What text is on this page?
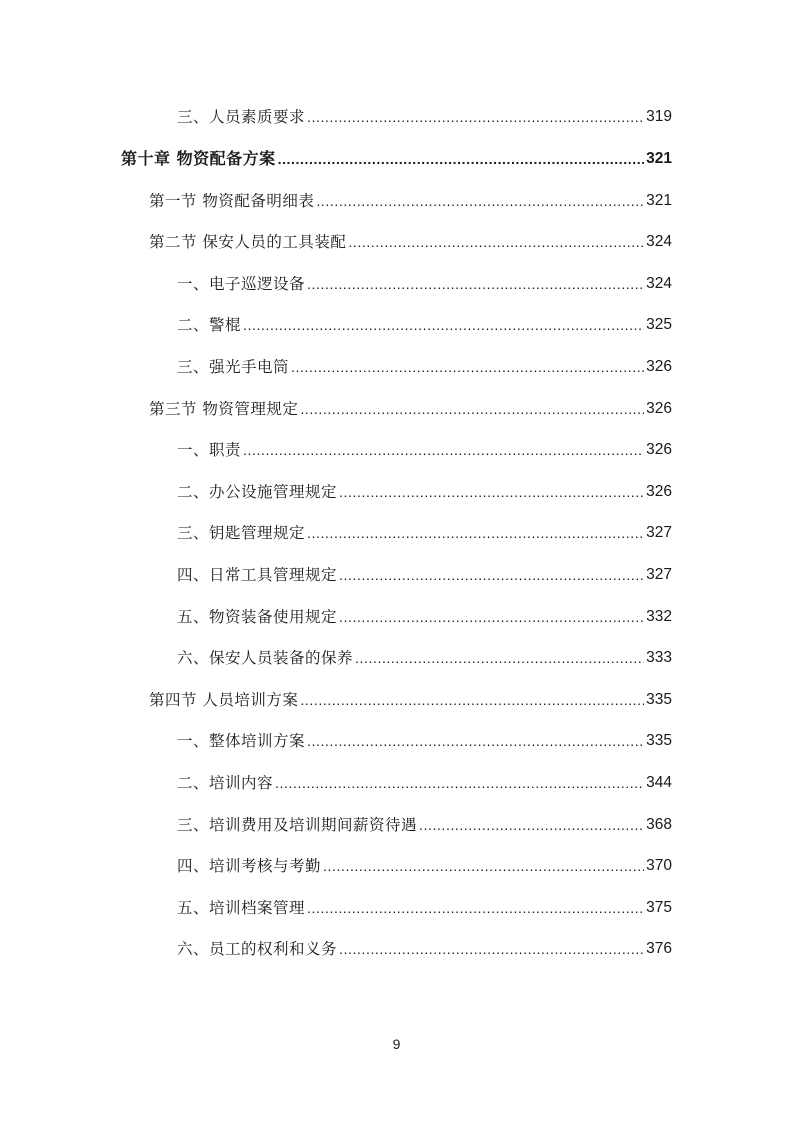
三、人员素质要求 .....	319
第十章 物资配备方案 .....	321
第一节 物资配备明细表 .....	321
第二节 保安人员的工具装配 .....	324
一、电子巡逻设备 .....	324
二、警棍 .....	325
三、强光手电筒 .....	326
第三节 物资管理规定 .....	326
一、职责 .....	326
二、办公设施管理规定 .....	326
三、钥匙管理规定 .....	327
四、日常工具管理规定 .....	327
五、物资装备使用规定 .....	332
六、保安人员装备的保养 .....	333
第四节 人员培训方案 .....	335
一、整体培训方案 .....	335
二、培训内容 .....	344
三、培训费用及培训期间薪资待遇 .....	368
四、培训考核与考勤 .....	370
五、培训档案管理 .....	375
六、员工的权利和义务 .....	376
9
